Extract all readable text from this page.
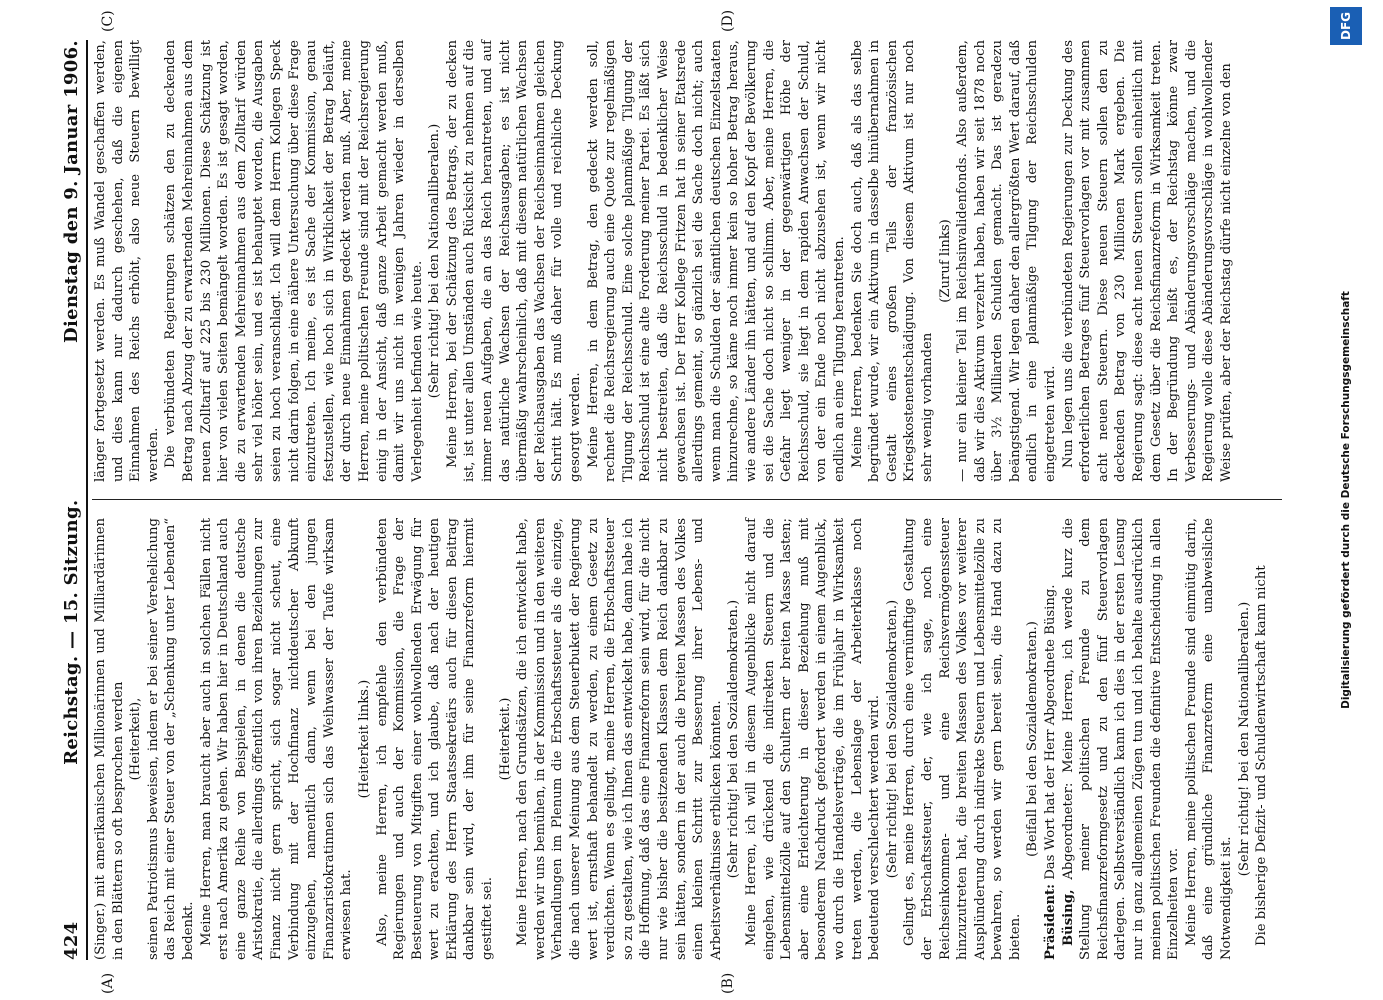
424
Reichstag. — 15. Sitzung.
Dienstag den 9. Januar 1906.
(A)	(B)
(C)	(D)

(Singer.) mit amerikanischen Millionärinnen und Milliardärinnen in den Blättern so oft besprochen werden (Heiterkeit), seinen Patriotismus beweisen, indem er bei seiner Verehelichung das Reich mit einer Steuer von der „Schenkung unter Lebenden“ bedenkt. Meine Herren, man braucht aber auch in solchen Fällen nicht erst nach Amerika zu gehen. Wir haben hier in Deutschland auch eine ganze Reihe von Beispielen, in denen die deutsche Aristokratie, die allerdings öffentlich von ihren Beziehungen zur Finanz nicht gern spricht, sich sogar nicht scheut, eine Verbindung mit der Hochfinanz nichtdeutscher Abkunft einzugehen, namentlich dann, wenn bei den jungen Finanzaristokratinnen sich das Weihwasser der Taufe wirksam erwiesen hat.

(Heiterkeit links.) Also, meine Herren, ich empfehle den verbündeten Regierungen und auch der Kommission, die Frage der Besteuerung von Mitgiften einer wohlwollenden Erwägung für wert zu erachten, und ich glaube, daß nach der heutigen Erklärung des Herrn Staatssekretärs auch für diesen Beitrag dankbar sein wird, der ihm für seine Finanzreform hiermit gestiftet sei.

(Heiterkeit.) Meine Herren, nach den Grundsätzen, die ich entwickelt habe, werden wir uns bemühen, in der Kommission und in den weiteren Verhandlungen im Plenum die Erbschaftssteuer als die einzige, die nach unserer Meinung aus dem Steuerbukett der Regierung wert ist, ernsthaft behandelt zu werden, zu einem Gesetz zu verdichten. Wenn es gelingt, meine Herren, die Erbschaftssteuer so zu gestalten, wie ich Ihnen das entwickelt habe, dann habe ich die Hoffnung, daß das eine Finanzreform sein wird, für die nicht nur wie bisher die besitzenden Klassen dem Reich dankbar zu sein hätten, sondern in der auch die breiten Massen des Volkes einen kleinen Schritt zur Besserung ihrer Lebens- und Arbeitsverhältnisse erblicken könnten. (Sehr richtig! bei den Sozialdemokraten.) Meine Herren, ich will in diesem Augenblicke nicht darauf eingehen, wie drückend die indirekten Steuern und die Lebensmittelzölle auf den Schultern der breiten Masse lasten; aber eine Erleichterung in dieser Beziehung muß mit besonderem Nachdruck gefordert werden in einem Augenblick, wo durch die Handelsverträge, die im Frühjahr in Wirksamkeit treten werden, die Lebenslage der Arbeiterklasse noch bedeutend verschlechtert werden wird. (Sehr richtig! bei den Sozialdemokraten.) Gelingt es, meine Herren, durch eine vernünftige Gestaltung der Erbschaftssteuer, der, wie ich sage, noch eine Reichseinkommen- und eine Reichsvermögenssteuer hinzuzutreten hat, die breiten Massen des Volkes vor weiterer Ausplünderung durch indirekte Steuern und Lebensmittelzölle zu bewahren, so werden wir gern bereit sein, die Hand dazu zu bieten.

(Beifall bei den Sozialdemokraten.)

Präsident: Das Wort hat der Herr Abgeordnete Büsing.

Büsing, Abgeordneter: Meine Herren, ich werde kurz die Stellung meiner politischen Freunde zu dem Reichsfinanzreformgesetz und zu den fünf Steuervorlagen darlegen. Selbstverständlich kann ich dies in der ersten Lesung nur in ganz allgemeinen Zügen tun und ich behalte ausdrücklich meinen politischen Freunden die definitive Entscheidung in allen Einzelheiten vor. Meine Herren, meine politischen Freunde sind einmütig darin, daß eine gründliche Finanzreform eine unabweisliche Notwendigkeit ist.

(Sehr richtig! bei den Nationalliberalen.) Die bisherige Defizit- und Schuldenwirtschaft kann nicht

länger fortgesetzt werden. Es muß Wandel geschaffen werden, und dies kann nur dadurch geschehen, daß die eigenen Einnahmen des Reichs erhöht, also neue Steuern bewilligt werden. Die verbündeten Regierungen schätzen den zu deckenden Betrag nach Abzug der zu erwartenden Mehreinnahmen aus dem neuen Zolltarif auf 225 bis 230 Millionen. Diese Schätzung ist hier von vielen Seiten bemängelt worden. Es ist gesagt worden, die zu erwartenden Mehreinnahmen aus dem Zolltarif würden sehr viel höher sein, und es ist behauptet worden, die Ausgaben seien zu hoch veranschlagt. Ich will dem Herrn Kollegen Speck nicht darin folgen, in eine nähere Untersuchung über diese Frage einzutreten. Ich meine, es ist Sache der Kommission, genau festzustellen, wie hoch sich in Wirklichkeit der Betrag beläuft, der durch neue Einnahmen gedeckt werden muß. Aber, meine Herren, meine politischen Freunde sind mit der Reichsregierung einig in der Ansicht, daß ganze Arbeit gemacht werden muß, damit wir uns nicht in wenigen Jahren wieder in derselben Verlegenheit befinden wie heute. (Sehr richtig! bei den Nationalliberalen.) Meine Herren, bei der Schätzung des Betrags, der zu decken ist, ist unter allen Umständen auch Rücksicht zu nehmen auf die immer neuen Aufgaben, die an das Reich herantreten, und auf das natürliche Wachsen der Reichsausgaben; es ist nicht übermäßig wahrscheinlich, daß mit diesem natürlichen Wachsen der Reichsausgaben das Wachsen der Reichseinnahmen gleichen Schritt hält. Es muß daher für volle und reichliche Deckung gesorgt werden. Meine Herren, in dem Betrag, den gedeckt werden soll, rechnet die Reichsregierung auch eine Quote zur regelmäßigen Tilgung der Reichsschuld. Eine solche planmäßige Tilgung der Reichsschuld ist eine alte Forderung meiner Partei. Es läßt sich nicht bestreiten, daß die Reichsschuld in bedenklicher Weise gewachsen ist. Der Herr Kollege Fritzen hat in seiner Etatsrede allerdings gemeint, so gänzlich sei die Sache doch nicht; auch wenn man die Schulden der sämtlichen deutschen Einzelstaaten hinzurechne, so käme noch immer kein so hoher Betrag heraus, wie andere Länder ihn hätten, und auf den Kopf der Bevölkerung sei die Sache doch nicht so schlimm. Aber, meine Herren, die Gefahr liegt weniger in der gegenwärtigen Höhe der Reichsschuld, sie liegt in dem rapiden Anwachsen der Schuld, von der ein Ende noch nicht abzusehen ist, wenn wir nicht endlich an eine Tilgung herantreten. Meine Herren, bedenken Sie doch auch, daß als das selbe begründet wurde, wir ein Aktivum in dasselbe hinübernahmen in Gestalt eines großen Teils der französischen Kriegskostenentschädigung. Von diesem Aktivum ist nur noch sehr wenig vorhanden

(Zuruf links) — nur ein kleiner Teil im Reichsinvalidenfonds. Also außerdem, daß wir dies Aktivum verzehrt haben, haben wir seit 1878 noch über 3½ Milliarden Schulden gemacht. Das ist geradezu beängstigend. Wir legen daher den allergrößten Wert darauf, daß endlich in eine planmäßige Tilgung der Reichsschulden eingetreten wird. Nun legen uns die verbündeten Regierungen zur Deckung des erforderlichen Betrages fünf Steuervorlagen vor mit zusammen acht neuen Steuern. Diese neuen Steuern sollen den zu deckenden Betrag von 230 Millionen Mark ergeben. Die Regierung sagt: diese acht neuen Steuern sollen einheitlich mit dem Gesetz über die Reichsfinanzreform in Wirksamkeit treten. In der Begründung heißt es, der Reichstag könne zwar Verbesserungs- und Abänderungsvorschläge machen, und die Regierung wolle diese Abänderungsvorschläge in wohlwollender Weise prüfen, aber der Reichstag dürfe nicht einzelne von den

Digitalisierung gefördert durch die Deutsche Forschungsgemeinschaft
DFG
